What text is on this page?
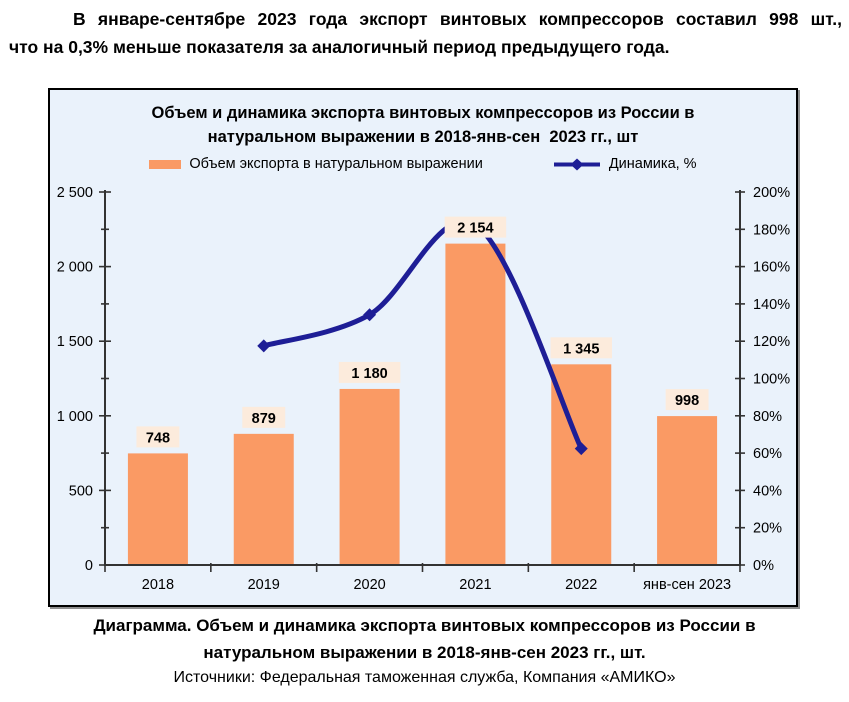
В январе-сентябре 2023 года экспорт винтовых компрессоров составил 998 шт.,
что на 0,3% меньше показателя за аналогичный период предыдущего года.
Объем и динамика экспорта винтовых компрессоров из России в
натуральном выражении в 2018-янв-сен  2023 гг., шт
Объем экспорта в натуральном выражении	Динамика, %
0
500
1 000
1 500
2 000
2 500
0%
20%
40%
60%
80%
100%
120%
140%
160%
180%
200%
2018	2019	2020	2021	2022	янв-сен 2023
748
879
1 180
2 154
1 345
998
Диаграмма. Объем и динамика экспорта винтовых компрессоров из России в
натуральном выражении в 2018-янв-сен 2023 гг., шт.
Источники: Федеральная таможенная служба, Компания «АМИКО»
